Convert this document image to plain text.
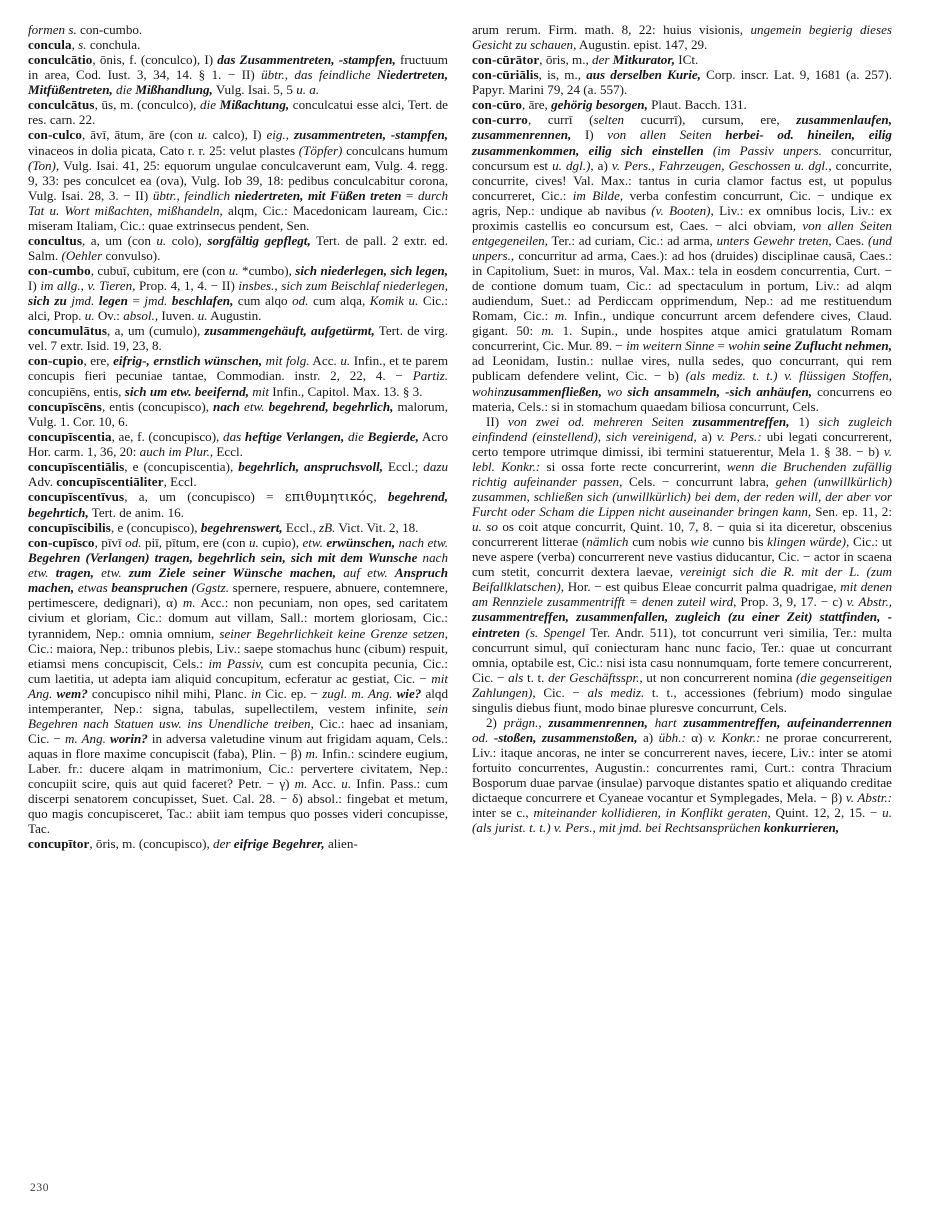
formen s. con-cumbo.

concula, s. conchula.

conculcātio, ōnis, f. (conculco), I) das Zusammentreten, -stampfen, fructuum in area, Cod. Iust. 3, 34, 14. § 1. − II) übtr., das feindliche Niedertreten, Mitfüßentreten, die Mißhandlung, Vulg. Isai. 5, 5 u. a.

conculcātus, ūs, m. (conculco), die Mißachtung, conculcatui esse alci, Tert. de res. carn. 22.

con-culco, āvī, ātum, āre (con u. calco), I) eig., zusammentreten, -stampfen, vinaceos in dolia picata, Cato r. r. 25: velut plastes (Töpfer) conculcans humum (Ton), Vulg. Isai. 41, 25: equorum ungulae conculcaverunt eam, Vulg. 4. regg. 9, 33: pes conculcet ea (ova), Vulg. Iob 39, 18: pedibus conculcabitur corona, Vulg. Isai. 28, 3. − II) übtr., feindlich niedertreten, mit Füßen treten = durch Tat u. Wort mißachten, mißhandeln, alqm, Cic.: Macedonicam lauream, Cic.: miseram Italiam, Cic.: quae extrinsecus pendent, Sen.

concultus, a, um (con u. colo), sorgfältig gepflegt, Tert. de pall. 2 extr. ed. Salm. (Oehler convulso).

con-cumbo, cubuī, cubitum, ere (con u. *cumbo), sich niederlegen, sich legen, I) im allg., v. Tieren, Prop. 4, 1, 4. − II) insbes., sich zum Beischlaf niederlegen, sich zu jmd. legen = jmd. beschlafen, cum alqo od. cum alqa, Komik u. Cic.: alci, Prop. u. Ov.: absol., Iuven. u. Augustin.

concumulātus, a, um (cumulo), zusammengehäuft, aufgetürmt, Tert. de virg. vel. 7 extr. Isid. 19, 23, 8.

con-cupio, ere, eifrig-, ernstlich wünschen, mit folg. Acc. u. Infin., et te parem concupis fieri pecuniae tantae, Commodian. instr. 2, 22, 4. − Partiz. concupiēns, entis, sich um etw. beeifernd, mit Infin., Capitol. Max. 13. § 3.

concupīscēns, entis (concupisco), nach etw. begehrend, begehrlich, malorum, Vulg. 1. Cor. 10, 6.

concupīscentia, ae, f. (concupisco), das heftige Verlangen, die Begierde, Acro Hor. carm. 1, 36, 20: auch im Plur., Eccl.

concupīscentiālis, e (concupiscentia), begehrlich, anspruchsvoll, Eccl.; dazu Adv. concupīscentiāliter, Eccl.

concupīscentīvus, a, um (concupisco) = επιθυμητικός, begehrend, begehrtich, Tert. de anim. 16.

concupīscibilis, e (concupisco), begehrenswert, Eccl., zB. Vict. Vit. 2, 18.

con-cupīsco, pīvī od. piī, pītum, ere (con u. cupio), etw. erwünschen, nach etw. Begehren (Verlangen) tragen, begehrlich sein, sich mit dem Wunsche nach etw. tragen, etw. zum Ziele seiner Wünsche machen, auf etw. Anspruch machen, etwas beanspruchen (Ggstz. spernere, respuere, abnuere, contemnere, pertimescere, dedignari), α) m. Acc.: non pecuniam, non opes, sed caritatem civium et gloriam, Cic.: domum aut villam, Sall.: mortem gloriosam, Cic.: tyrannidem, Nep.: omnia omnium, seiner Begehrlichkeit keine Grenze setzen, Cic.: maiora, Nep.: tribunos plebis, Liv.: saepe stomachus hunc (cibum) respuit, etiamsi mens concupiscit, Cels.: im Passiv, cum est concupita pecunia, Cic.: cum laetitia, ut adepta iam aliquid concupitum, ecferatur ac gestiat, Cic. − mit Ang. wem? concupisco nihil mihi, Planc. in Cic. ep. − zugl. m. Ang. wie? alqd intemperanter, Nep.: signa, tabulas, supellectilem, vestem infinite, sein Begehren nach Statuen usw. ins Unendliche treiben, Cic.: haec ad insaniam, Cic. − m. Ang. worin? in adversa valetudine vinum aut frigidam aquam, Cels.: aquas in flore maxime concupiscit (faba), Plin. − β) m. Infin.: scindere eugium, Laber. fr.: ducere alqam in matrimonium, Cic.: pervertere civitatem, Nep.: concupiit scire, quis aut quid faceret? Petr. − γ) m. Acc. u. Infin. Pass.: cum discerpi senatorem concupisset, Suet. Cal. 28. − δ) absol.: fingebat et metum, quo magis concupisceret, Tac.: abiit iam tempus quo posses videri concupisse, Tac.

concupītor, ōris, m. (concupisco), der eifrige Begehrer, alien-

arum rerum. Firm. math. 8, 22: huius visionis, ungemein begierig dieses Gesicht zu schauen, Augustin. epist. 147, 29.

con-cūrātor, ōris, m., der Mitkurator, ICt.

con-cūriālis, is, m., aus derselben Kurie, Corp. inscr. Lat. 9, 1681 (a. 257). Papyr. Marini 79, 24 (a. 557).

con-cūro, āre, gehörig besorgen, Plaut. Bacch. 131.

con-curro, currī (selten cucurrī), cursum, ere, zusammenlaufen, zusammenrennen, I) von allen Seiten herbei- od. hineilen, eilig zusammenkommen, eilig sich einstellen (im Passiv unpers. concurritur, concursum est u. dgl.), a) v. Pers., Fahrzeugen, Geschossen u. dgl., concurrite, concurrite, cives! Val. Max.: tantus in curia clamor factus est, ut populus concurreret, Cic.: im Bilde, verba confestim concurrunt, Cic. − undique ex agris, Nep.: undique ab navibus (v. Booten), Liv.: ex omnibus locis, Liv.: ex proximis castellis eo concursum est, Caes. − alci obviam, von allen Seiten entgegeneilen, Ter.: ad curiam, Cic.: ad arma, unters Gewehr treten, Caes. (und unpers., concurritur ad arma, Caes.): ad hos (druides) disciplinae causā, Caes.: in Capitolium, Suet: in muros, Val. Max.: tela in eosdem concurrentia, Curt. − de contione domum tuam, Cic.: ad spectaculum in portum, Liv.: ad alqm audiendum, Suet.: ad Perdiccam opprimendum, Nep.: ad me restituendum Romam, Cic.: m. Infin., undique concurrunt arcem defendere cives, Claud. gigant. 50: m. 1. Supin., unde hospites atque amici gratulatum Romam concurrerint, Cic. Mur. 89. − im weitern Sinne = wohin seine Zuflucht nehmen, ad Leonidam, Iustin.: nullae vires, nulla sedes, quo concurrant, qui rem publicam defendere velint, Cic. − b) (als mediz. t. t.) v. flüssigen Stoffen, wohinzusammenfließen, wo sich ansammeln, -sich anhäufen, concurrens eo materia, Cels.: si in stomachum quaedam biliosa concurrunt, Cels.

II) von zwei od. mehreren Seiten zusammentreffen, 1) sich zugleich einfindend (einstellend), sich vereinigend, a) v. Pers.: ubi legati concurrerent, certo tempore utrimque dimissi, ibi termini statuerentur, Mela 1. § 38. − b) v. lebl. Konkr.: si ossa forte recte concurrerint, wenn die Bruchenden zufällig richtig aufeinander passen, Cels. − concurrunt labra, gehen (unwillkürlich) zusammen, schließen sich (unwillkürlich) bei dem, der reden will, der aber vor Furcht oder Scham die Lippen nicht auseinander bringen kann, Sen. ep. 11, 2: u. so os coit atque concurrit, Quint. 10, 7, 8. − quia si ita diceretur, obscenius concurrerent litterae (nämlich cum nobis wie cunno bis klingen würde), Cic.: ut neve aspere (verba) concurrerent neve vastius diducantur, Cic. − actor in scaena cum stetit, concurrit dextera laevae, vereinigt sich die R. mit der L. (zum Beifallklatschen), Hor. − est quibus Eleae concurrit palma quadrigae, mit denen am Rennziele zusammentrifft = denen zuteil wird, Prop. 3, 9, 17. − c) v. Abstr., zusammentreffen, zusammenfallen, zugleich (zu einer Zeit) stattfinden, -eintreten (s. Spengel Ter. Andr. 511), tot concurrunt veri similia, Ter.: multa concurrunt simul, quī coniecturam hanc nunc facio, Ter.: quae ut concurrant omnia, optabile est, Cic.: nisi ista casu nonnumquam, forte temere concurrerent, Cic. − als t. t. der Geschäftsspr., ut non concurrerent nomina (die gegenseitigen Zahlungen), Cic. − als mediz. t. t., accessiones (febrium) modo singulae singulis diebus fiunt, modo binae pluresve concurrunt, Cels.

2) prägn., zusammenrennen, hart zusammentreffen, aufeinanderrennen od. -stoßen, zusammenstoßen, a) übh.: α) v. Konkr.: ne prorae concurrerent, Liv.: itaque ancoras, ne inter se concurrerent naves, iecere, Liv.: inter se atomi fortuito concurrentes, Augustin.: concurrentes rami, Curt.: contra Thracium Bosporum duae parvae (insulae) parvoque distantes spatio et aliquando creditae dictaeque concurrere et Cyaneae vocantur et Symplegades, Mela. − β) v. Abstr.: inter se c., miteinander kollidieren, in Konflikt geraten, Quint. 12, 2, 15. − u. (als jurist. t. t.) v. Pers., mit jmd. bei Rechtsansprüchen konkurrieren,

230
